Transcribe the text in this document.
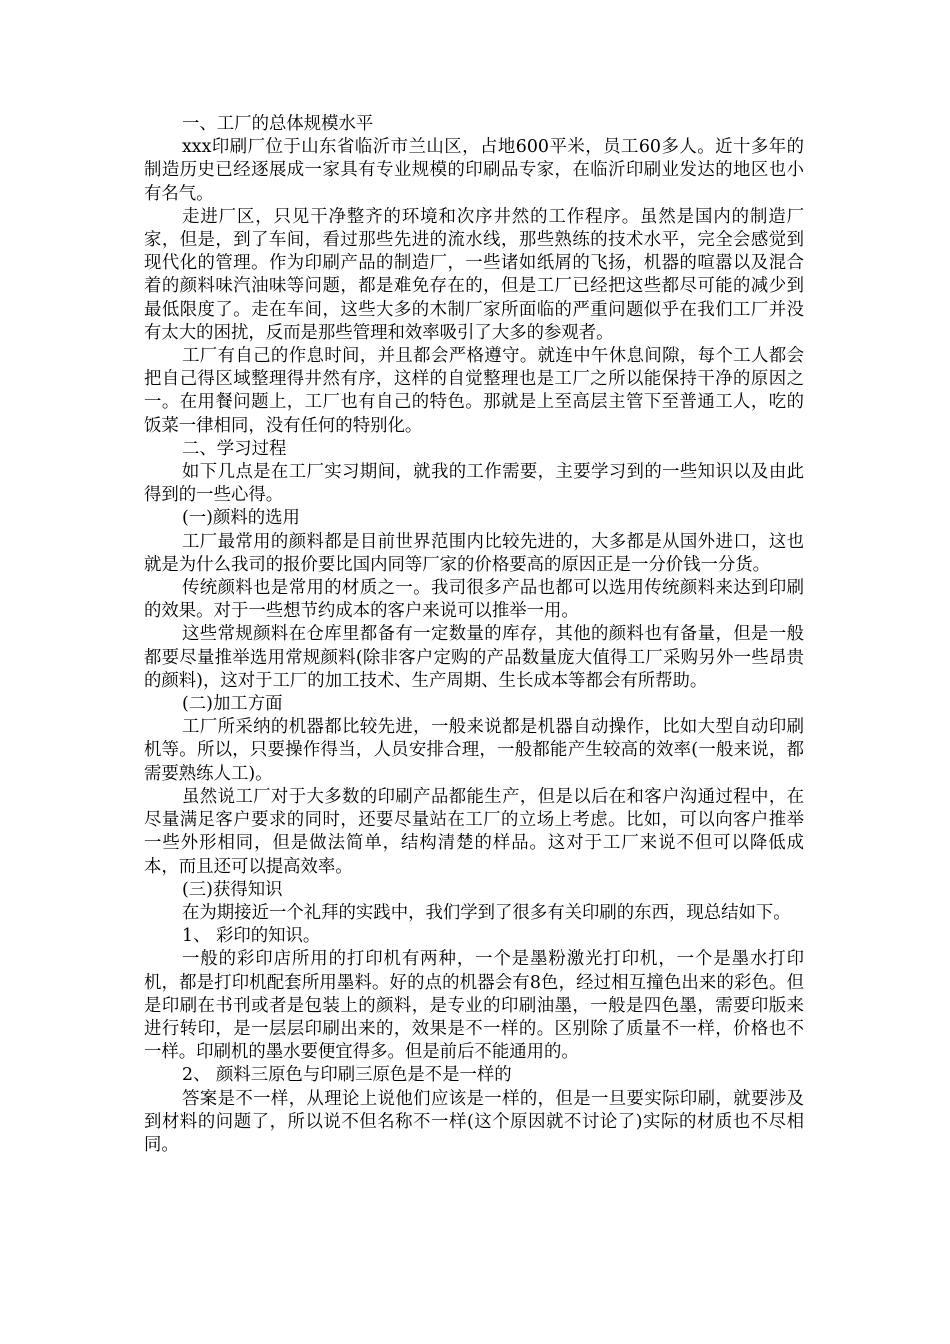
一、工厂的总体规模水平

xxx印刷厂位于山东省临沂市兰山区，占地600平米，员工60多人。近十多年的制造历史已经逐展成一家具有专业规模的印刷品专家，在临沂印刷业发达的地区也小有名气。

走进厂区，只见干净整齐的环境和次序井然的工作程序。虽然是国内的制造厂家，但是，到了车间，看过那些先进的流水线，那些熟练的技术水平，完全会感觉到现代化的管理。作为印刷产品的制造厂，一些诸如纸屑的飞扬，机器的喧嚣以及混合着的颜料味汽油味等问题，都是难免存在的，但是工厂已经把这些都尽可能的减少到最低限度了。走在车间，这些大多的木制厂家所面临的严重问题似乎在我们工厂并没有太大的困扰，反而是那些管理和效率吸引了大多的参观者。

工厂有自己的作息时间，并且都会严格遵守。就连中午休息间隙，每个工人都会把自己得区域整理得井然有序，这样的自觉整理也是工厂之所以能保持干净的原因之一。在用餐问题上，工厂也有自己的特色。那就是上至高层主管下至普通工人，吃的饭菜一律相同，没有任何的特别化。

二、学习过程

如下几点是在工厂实习期间，就我的工作需要，主要学习到的一些知识以及由此得到的一些心得。

(一)颜料的选用

工厂最常用的颜料都是目前世界范围内比较先进的，大多都是从国外进口，这也就是为什么我司的报价要比国内同等厂家的价格要高的原因正是一分价钱一分货。

传统颜料也是常用的材质之一。我司很多产品也都可以选用传统颜料来达到印刷的效果。对于一些想节约成本的客户来说可以推举一用。

这些常规颜料在仓库里都备有一定数量的库存，其他的颜料也有备量，但是一般都要尽量推举选用常规颜料(除非客户定购的产品数量庞大值得工厂采购另外一些昂贵的颜料)，这对于工厂的加工技术、生产周期、生长成本等都会有所帮助。

(二)加工方面

工厂所采纳的机器都比较先进，一般来说都是机器自动操作，比如大型自动印刷机等。所以，只要操作得当，人员安排合理，一般都能产生较高的效率(一般来说，都需要熟练人工)。

虽然说工厂对于大多数的印刷产品都能生产，但是以后在和客户沟通过程中，在尽量满足客户要求的同时，还要尽量站在工厂的立场上考虑。比如，可以向客户推举一些外形相同，但是做法简单，结构清楚的样品。这对于工厂来说不但可以降低成本，而且还可以提高效率。

(三)获得知识

在为期接近一个礼拜的实践中，我们学到了很多有关印刷的东西，现总结如下。

1、 彩印的知识。

一般的彩印店所用的打印机有两种，一个是墨粉激光打印机，一个是墨水打印机，都是打印机配套所用墨料。好的点的机器会有8色，经过相互撞色出来的彩色。但是印刷在书刊或者是包装上的颜料，是专业的印刷油墨，一般是四色墨，需要印版来进行转印，是一层层印刷出来的，效果是不一样的。区别除了质量不一样，价格也不一样。印刷机的墨水要便宜得多。但是前后不能通用的。

2、 颜料三原色与印刷三原色是不是一样的

答案是不一样，从理论上说他们应该是一样的，但是一旦要实际印刷，就要涉及到材料的问题了，所以说不但名称不一样(这个原因就不讨论了)实际的材质也不尽相同。
